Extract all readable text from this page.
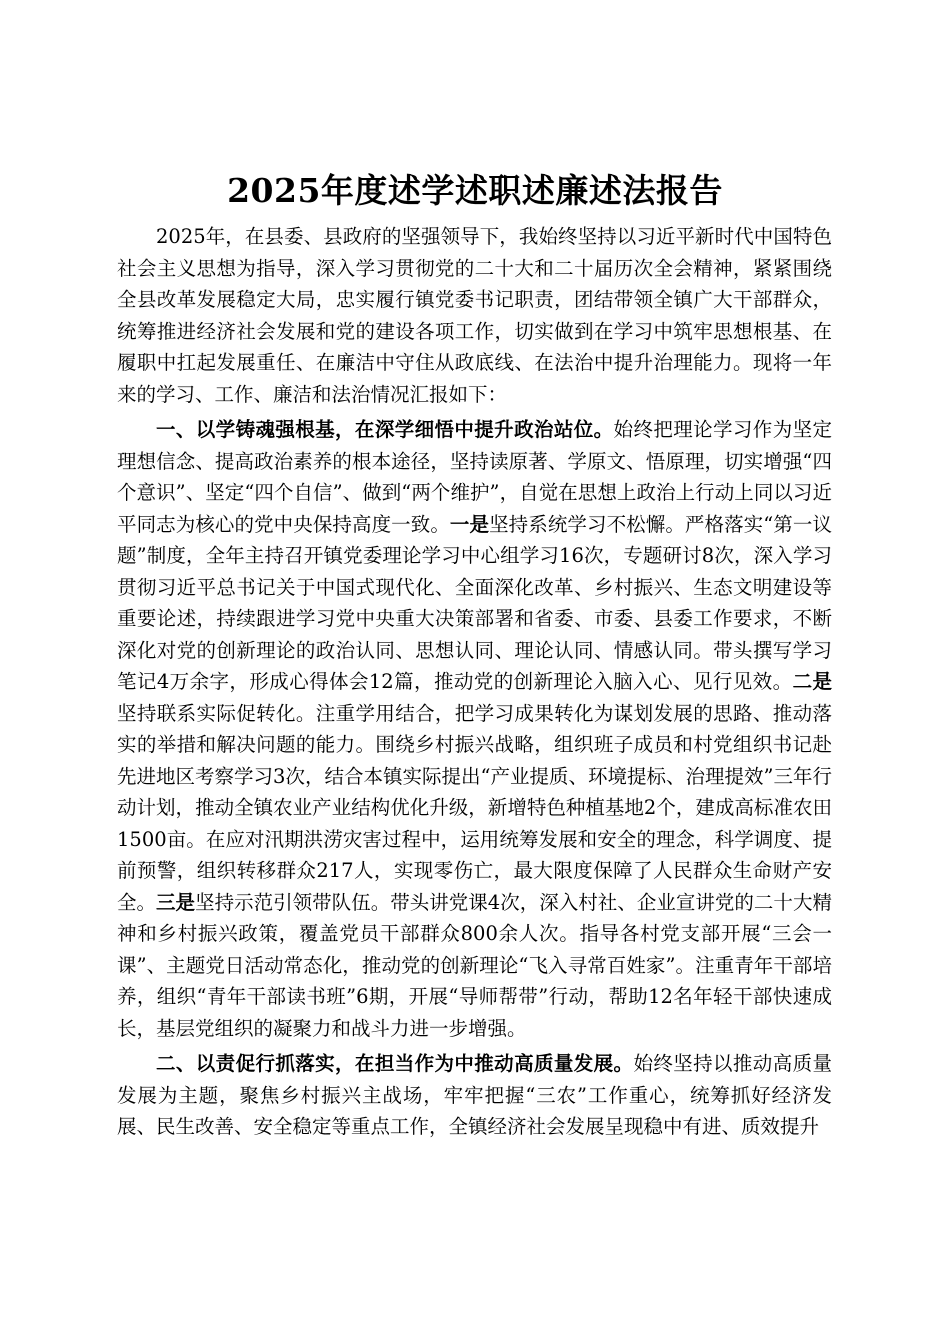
2025年度述学述职述廉述法报告

2025年，在县委、县政府的坚强领导下，我始终坚持以习近平新时代中国特色社会主义思想为指导，深入学习贯彻党的二十大和二十届历次全会精神，紧紧围绕全县改革发展稳定大局，忠实履行镇党委书记职责，团结带领全镇广大干部群众，统筹推进经济社会发展和党的建设各项工作，切实做到在学习中筑牢思想根基、在履职中扛起发展重任、在廉洁中守住从政底线、在法治中提升治理能力。现将一年来的学习、工作、廉洁和法治情况汇报如下：

一、以学铸魂强根基，在深学细悟中提升政治站位。始终把理论学习作为坚定理想信念、提高政治素养的根本途径，坚持读原著、学原文、悟原理，切实增强“四个意识”、坚定“四个自信”、做到“两个维护”，自觉在思想上政治上行动上同以习近平同志为核心的党中央保持高度一致。一是坚持系统学习不松懈。严格落实“第一议题”制度，全年主持召开镇党委理论学习中心组学习16次，专题研讨8次，深入学习贯彻习近平总书记关于中国式现代化、全面深化改革、乡村振兴、生态文明建设等重要论述，持续跟进学习党中央重大决策部署和省委、市委、县委工作要求，不断深化对党的创新理论的政治认同、思想认同、理论认同、情感认同。带头撰写学习笔记4万余字，形成心得体会12篇，推动党的创新理论入脑入心、见行见效。二是坚持联系实际促转化。注重学用结合，把学习成果转化为谋划发展的思路、推动落实的举措和解决问题的能力。围绕乡村振兴战略，组织班子成员和村党组织书记赴先进地区考察学习3次，结合本镇实际提出“产业提质、环境提标、治理提效”三年行动计划，推动全镇农业产业结构优化升级，新增特色种植基地2个，建成高标准农田1500亩。在应对汛期洪涝灾害过程中，运用统筹发展和安全的理念，科学调度、提前预警，组织转移群众217人，实现零伤亡，最大限度保障了人民群众生命财产安全。三是坚持示范引领带队伍。带头讲党课4次，深入村社、企业宣讲党的二十大精神和乡村振兴政策，覆盖党员干部群众800余人次。指导各村党支部开展“三会一课”、主题党日活动常态化，推动党的创新理论“飞入寻常百姓家”。注重青年干部培养，组织“青年干部读书班”6期，开展“导师帮带”行动，帮助12名年轻干部快速成长，基层党组织的凝聚力和战斗力进一步增强。

二、以责促行抓落实，在担当作为中推动高质量发展。始终坚持以推动高质量发展为主题，聚焦乡村振兴主战场，牢牢把握“三农”工作重心，统筹抓好经济发展、民生改善、安全稳定等重点工作，全镇经济社会发展呈现稳中有进、质效提升
